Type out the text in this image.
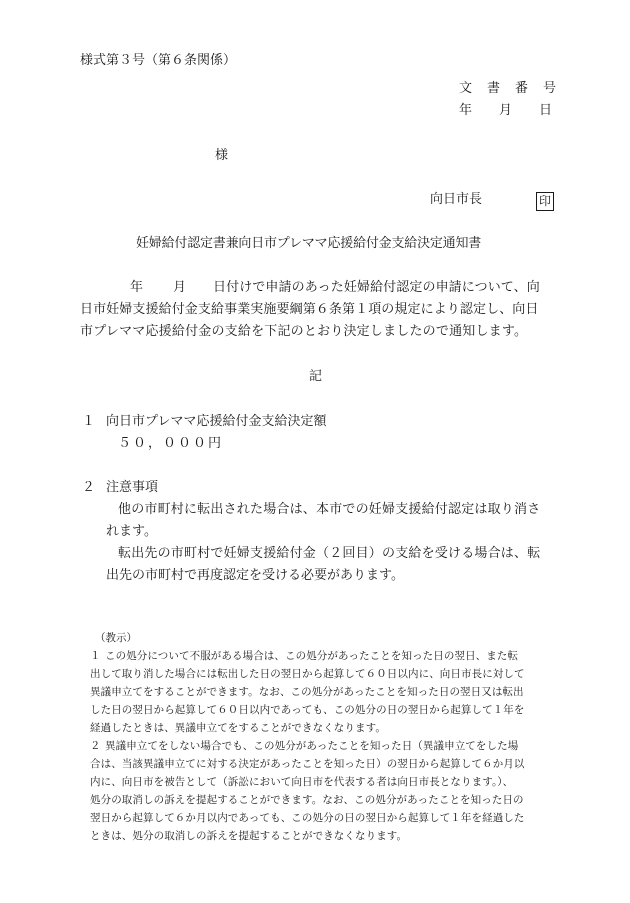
様式第３号（第６条関係）
文書番号
年 月 日
様
向日市長	印
妊婦給付認定書兼向日市プレママ応援給付金支給決定通知書
年 月 日付けで申請のあった妊婦給付認定の申請について、向
日市妊婦支援給付金支給事業実施要綱第６条第１項の規定により認定し、向日
市プレママ応援給付金の支給を下記のとおり決定しましたので通知します。
記
１ 向日市プレママ応援給付金支給決定額
５０，０００円
２ 注意事項
他の市町村に転出された場合は、本市での妊婦支援給付認定は取り消さ
れます。
転出先の市町村で妊婦支援給付金（２回目）の支給を受ける場合は、転
出先の市町村で再度認定を受ける必要があります。
（教示）
１ この処分について不服がある場合は、この処分があったことを知った日の翌日、また転
出して取り消した場合には転出した日の翌日から起算して６０日以内に、向日市長に対して
異議申立てをすることができます。なお、この処分があったことを知った日の翌日又は転出
した日の翌日から起算して６０日以内であっても、この処分の日の翌日から起算して１年を
経過したときは、異議申立てをすることができなくなります。
２ 異議申立てをしない場合でも、この処分があったことを知った日（異議申立てをした場
合は、当該異議申立てに対する決定があったことを知った日）の翌日から起算して６か月以
内に、向日市を被告として（訴訟において向日市を代表する者は向日市長となります。）、
処分の取消しの訴えを提起することができます。なお、この処分があったことを知った日の
翌日から起算して６か月以内であっても、この処分の日の翌日から起算して１年を経過した
ときは、処分の取消しの訴えを提起することができなくなります。
